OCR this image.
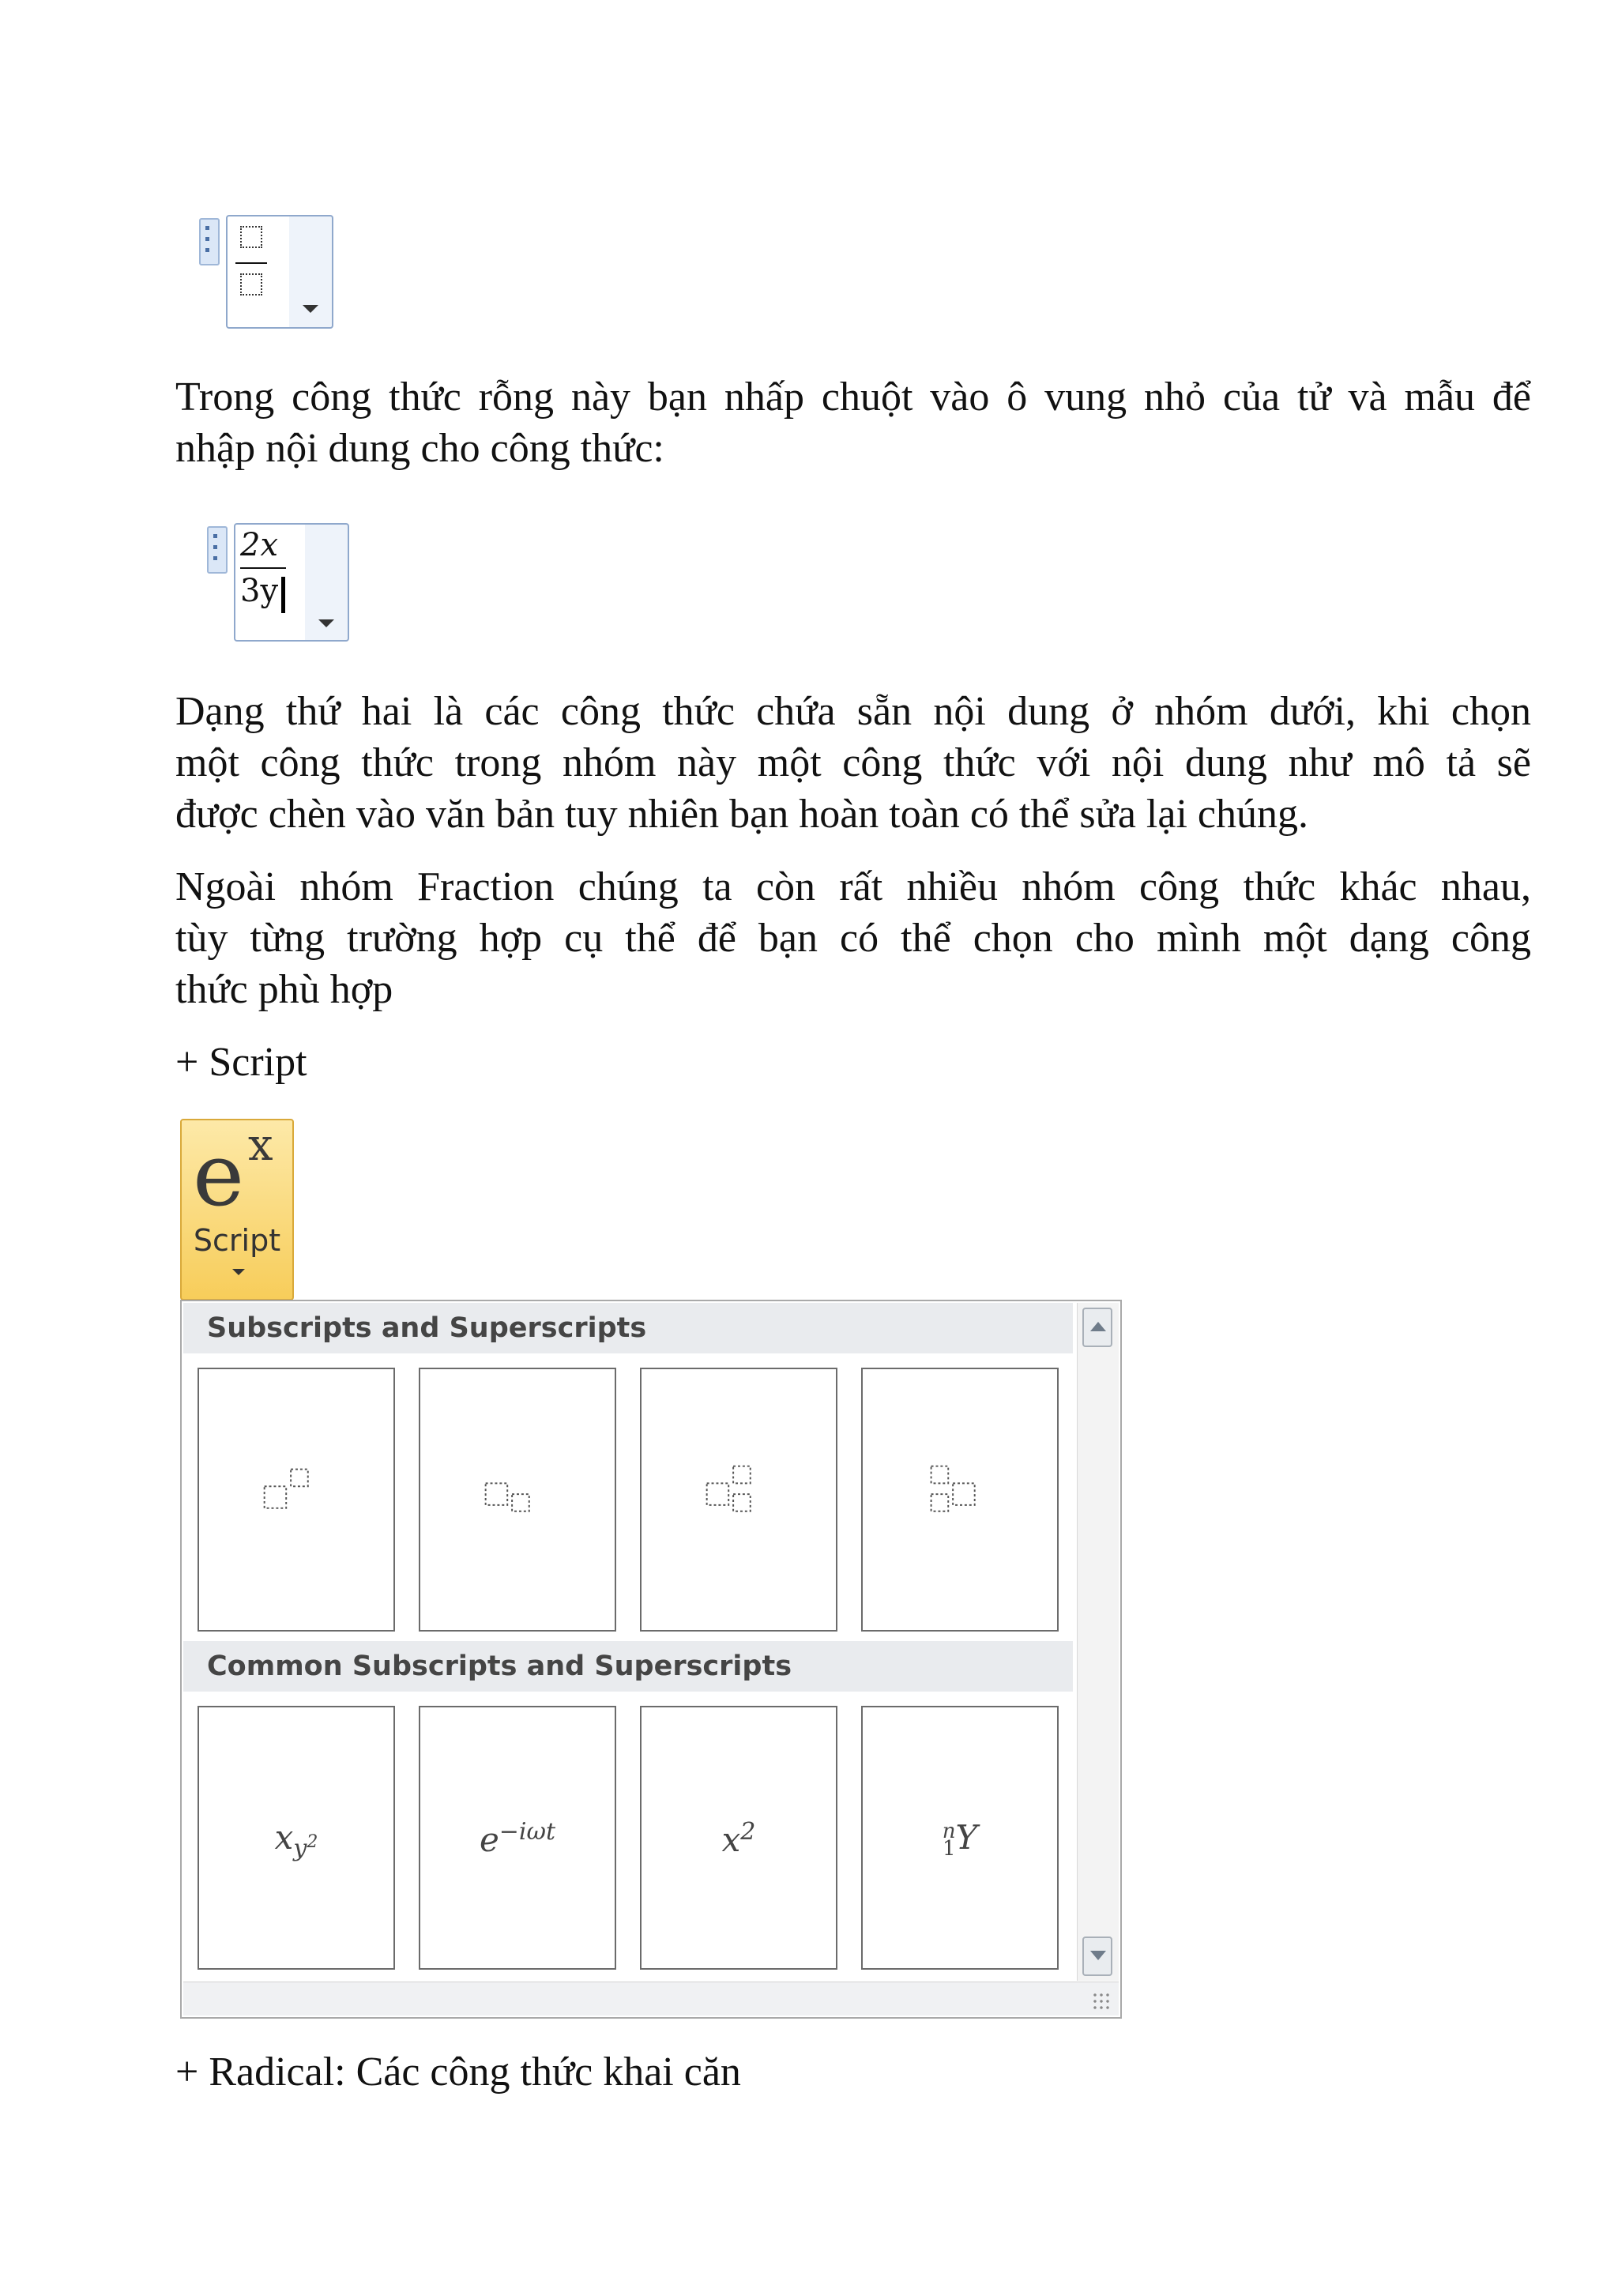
Trong công thức rỗng này bạn nhấp chuột vào ô vung nhỏ của tử và mẫu để
nhập nội dung cho công thức:

2x
3y

Dạng thứ hai là các công thức chứa sẵn nội dung ở nhóm dưới, khi chọn
một công thức trong nhóm này một công thức với nội dung như mô tả sẽ
được chèn vào văn bản tuy nhiên bạn hoàn toàn có thể sửa lại chúng.

Ngoài nhóm Fraction chúng ta còn rất nhiều nhóm công thức khác nhau,
tùy từng trường hợp cụ thể để bạn có thể chọn cho mình một dạng công
thức phù hợp

+ Script

e x
Script
Subscripts and Superscripts
Common Subscripts and Superscripts
$x_{y^2}$	$e^{-i\omega t}$	$x^2$	n
1 Y

+ Radical: Các công thức khai căn
